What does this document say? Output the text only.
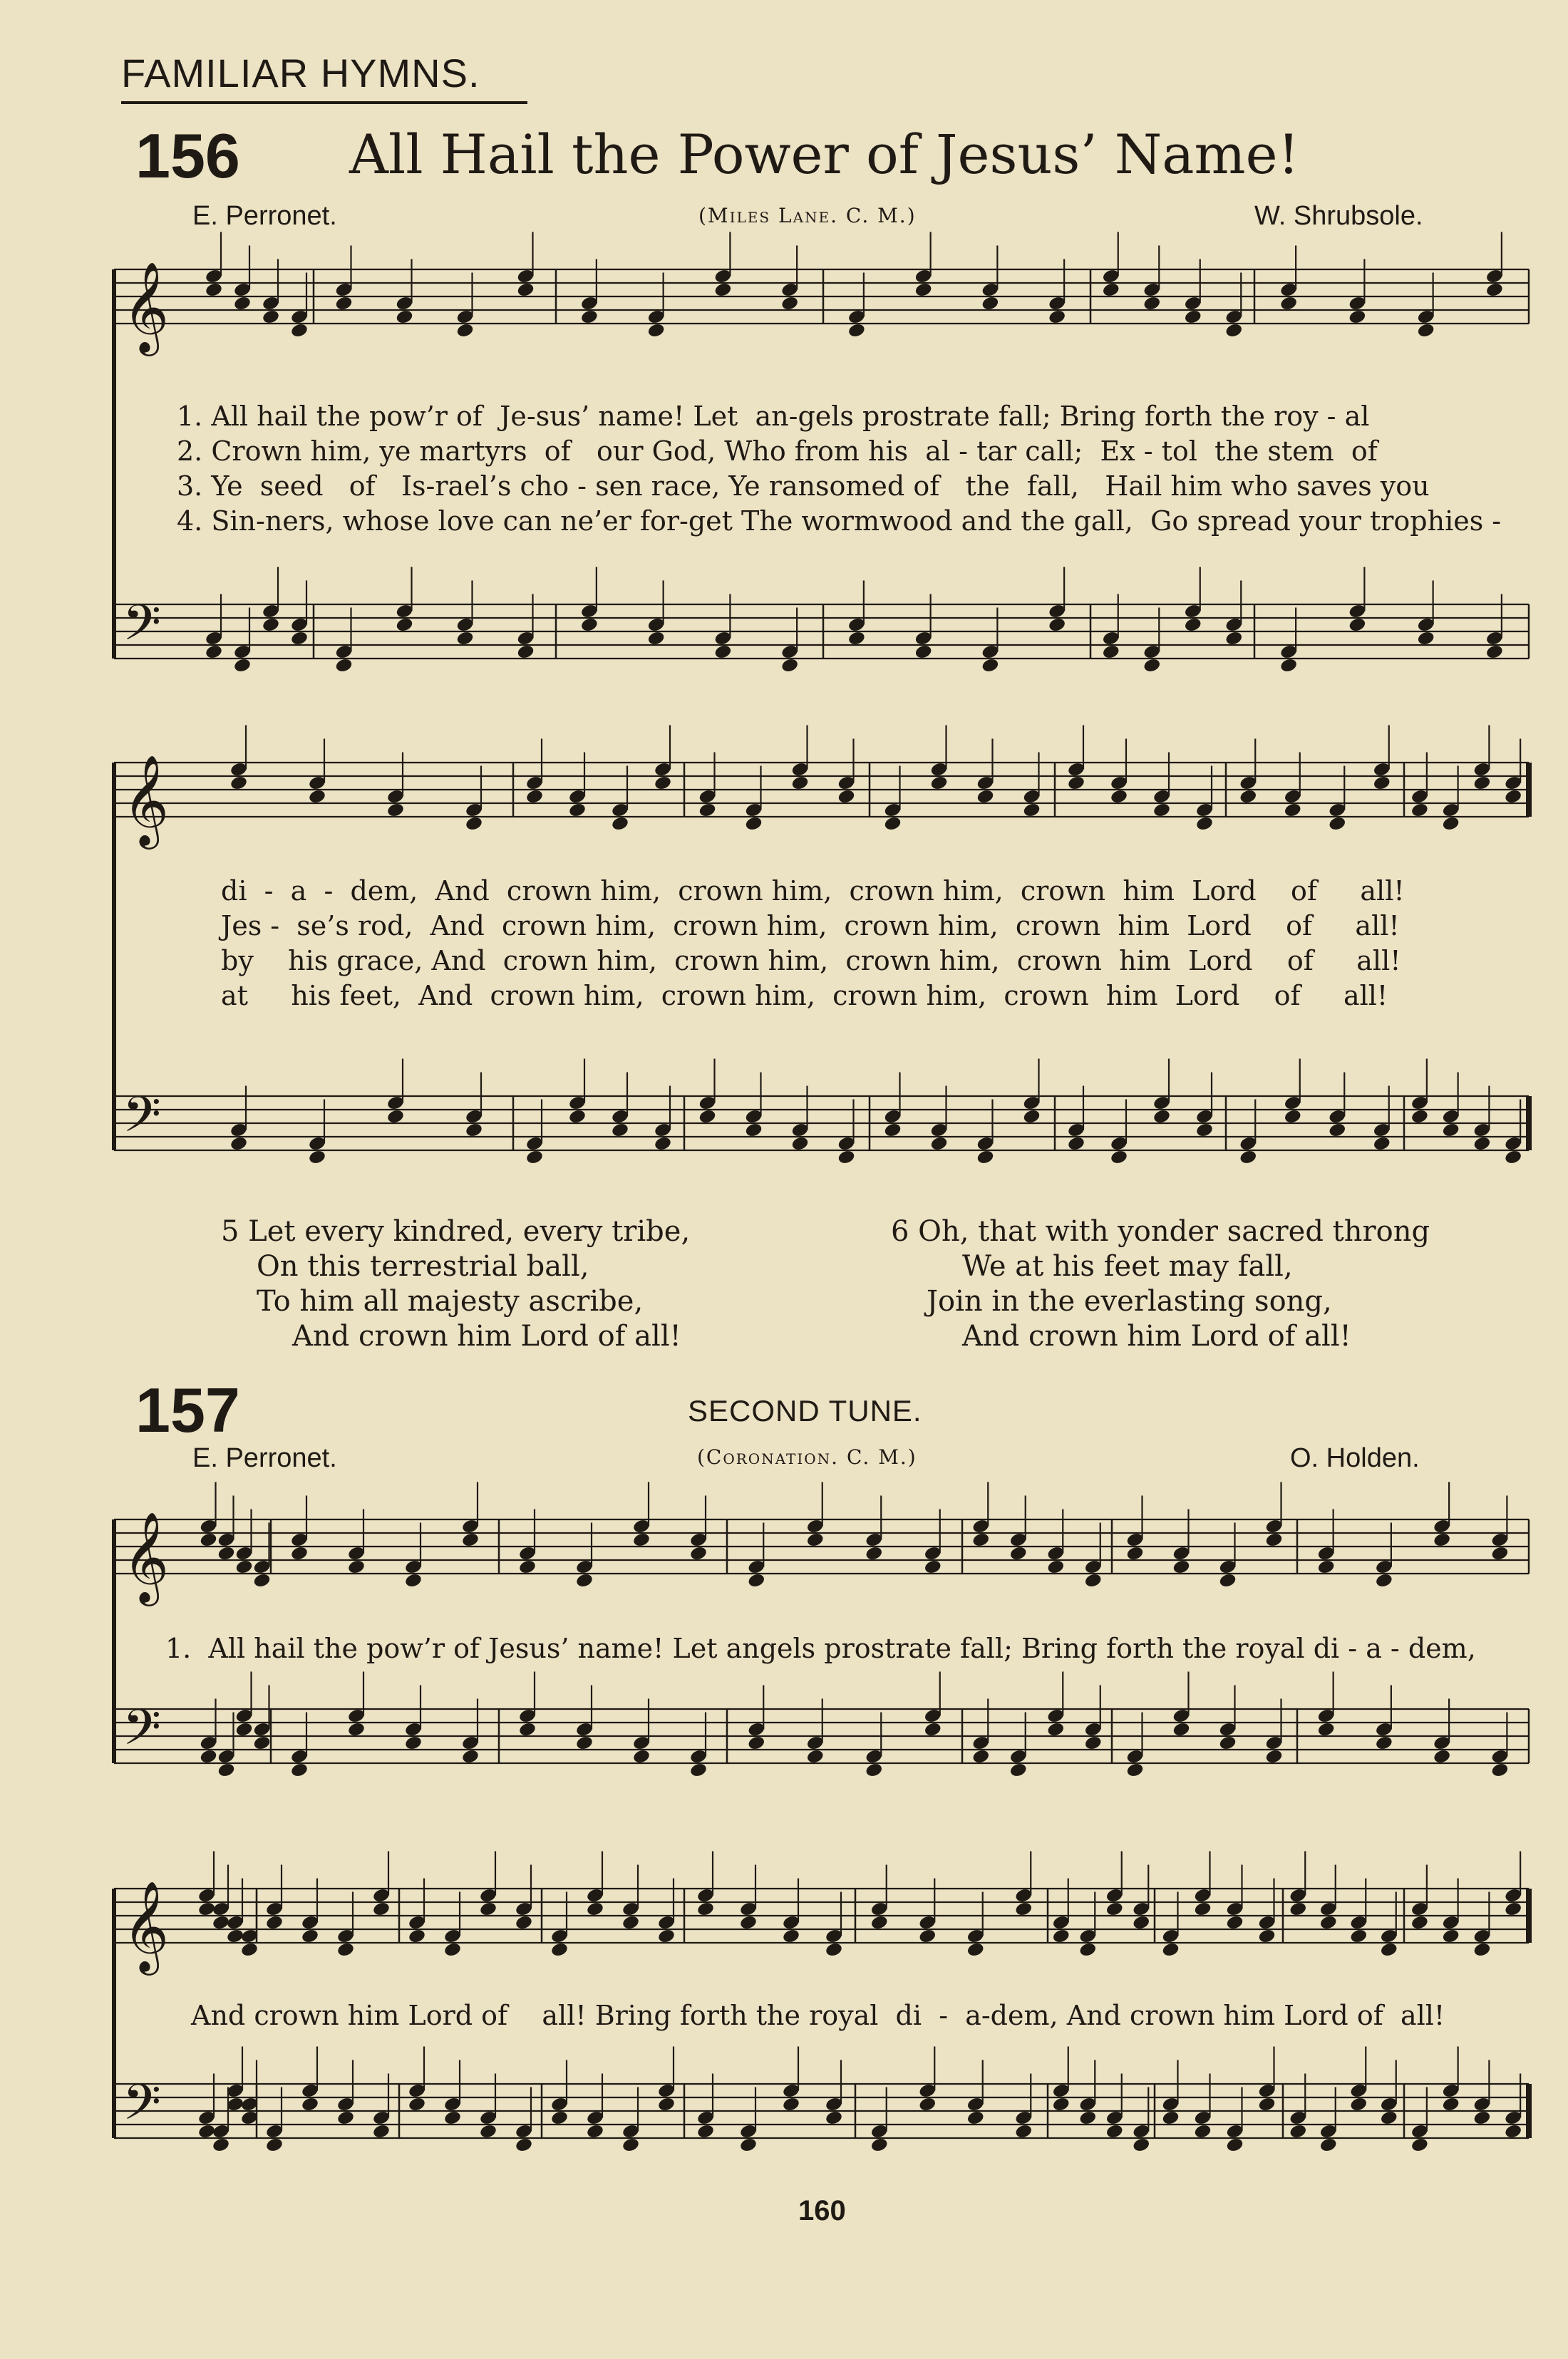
FAMILIAR HYMNS.
156 All Hail the Power of Jesus’ Name!
E. Perronet.	(Miles Lane. C. M.)	W. Shrubsole.
𝄞
𝄢
𝄞
𝄢
𝄞
𝄢
𝄞
𝄢
1. All hail the pow’r of  Je-sus’ name! Let  an-gels prostrate fall; Bring forth the roy - al
2. Crown him, ye martyrs  of   our God, Who from his  al - tar call;  Ex - tol  the stem  of
3. Ye  seed   of   Is-rael’s cho - sen race, Ye ransomed of   the  fall,   Hail him who saves you
4. Sin-ners, whose love can ne’er for-get The wormwood and the gall,  Go spread your trophies -
di  -  a  -  dem,  And  crown him,  crown him,  crown him,  crown  him  Lord    of     all!
Jes -  se’s rod,  And  crown him,  crown him,  crown him,  crown  him  Lord    of     all!
by    his grace, And  crown him,  crown him,  crown him,  crown  him  Lord    of     all!
at     his feet,  And  crown him,  crown him,  crown him,  crown  him  Lord    of     all!
5 Let every kindred, every tribe,
On this terrestrial ball,
To him all majesty ascribe,
And crown him Lord of all!
6 Oh, that with yonder sacred throng
We at his feet may fall,
Join in the everlasting song,
And crown him Lord of all!
157	SECOND TUNE.
E. Perronet.	(Coronation. C. M.)	O. Holden.
1.  All hail the pow’r of Jesus’ name! Let angels prostrate fall; Bring forth the royal di - a - dem,
And crown him Lord of    all! Bring forth the royal  di  -  a-dem, And crown him Lord of  all!
160
